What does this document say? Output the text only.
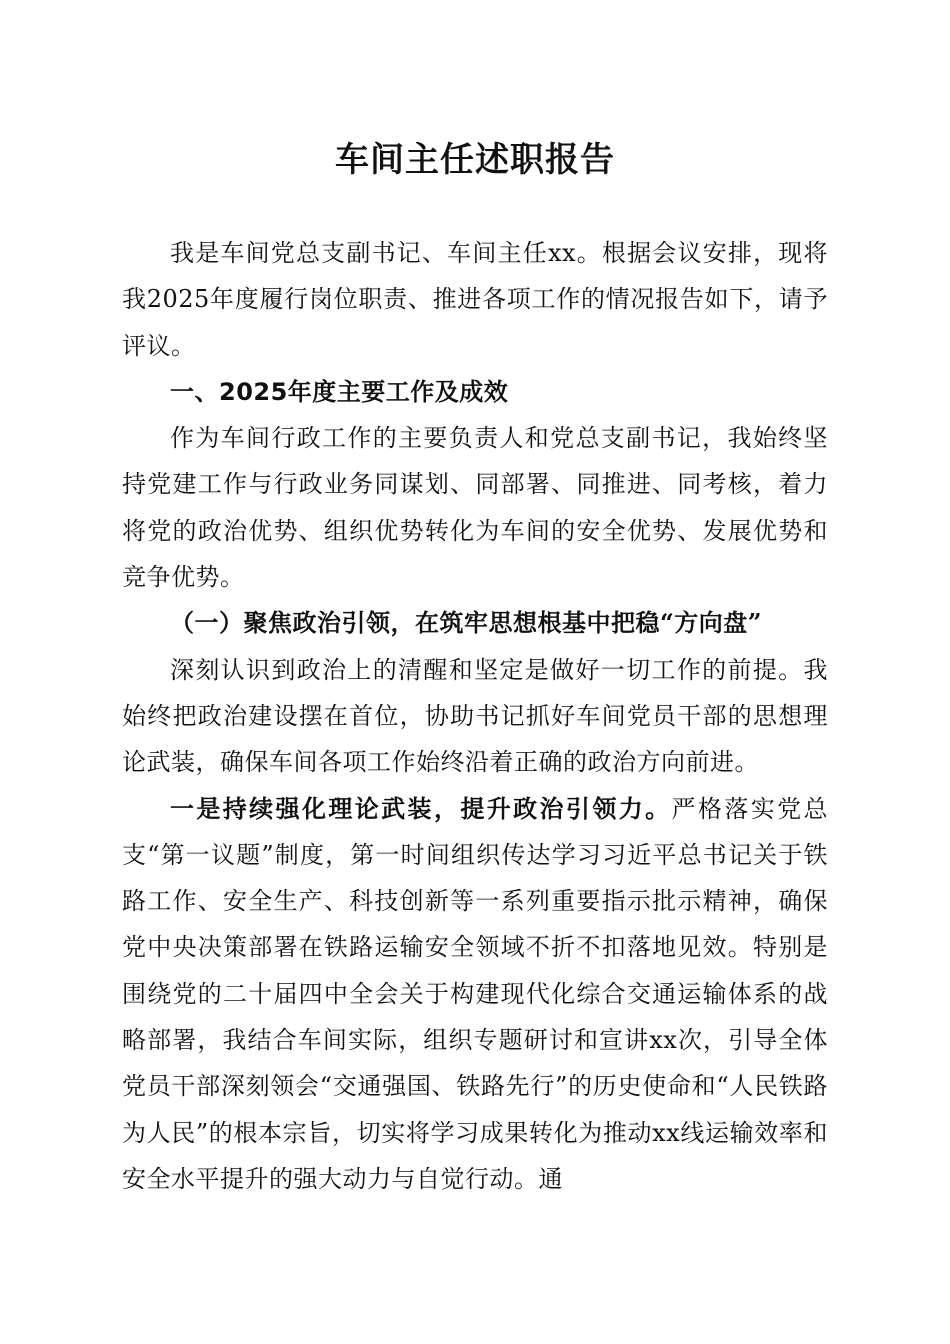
车间主任述职报告

我是车间党总支副书记、车间主任xx。根据会议安排，现将我2025年度履行岗位职责、推进各项工作的情况报告如下，请予评议。

一、2025年度主要工作及成效

作为车间行政工作的主要负责人和党总支副书记，我始终坚持党建工作与行政业务同谋划、同部署、同推进、同考核，着力将党的政治优势、组织优势转化为车间的安全优势、发展优势和竞争优势。

（一）聚焦政治引领，在筑牢思想根基中把稳“方向盘”

深刻认识到政治上的清醒和坚定是做好一切工作的前提。我始终把政治建设摆在首位，协助书记抓好车间党员干部的思想理论武装，确保车间各项工作始终沿着正确的政治方向前进。

一是持续强化理论武装，提升政治引领力。严格落实党总支“第一议题”制度，第一时间组织传达学习习近平总书记关于铁路工作、安全生产、科技创新等一系列重要指示批示精神，确保党中央决策部署在铁路运输安全领域不折不扣落地见效。特别是围绕党的二十届四中全会关于构建现代化综合交通运输体系的战略部署，我结合车间实际，组织专题研讨和宣讲xx次，引导全体党员干部深刻领会“交通强国、铁路先行”的历史使命和“人民铁路为人民”的根本宗旨，切实将学习成果转化为推动xx线运输效率和安全水平提升的强大动力与自觉行动。通
